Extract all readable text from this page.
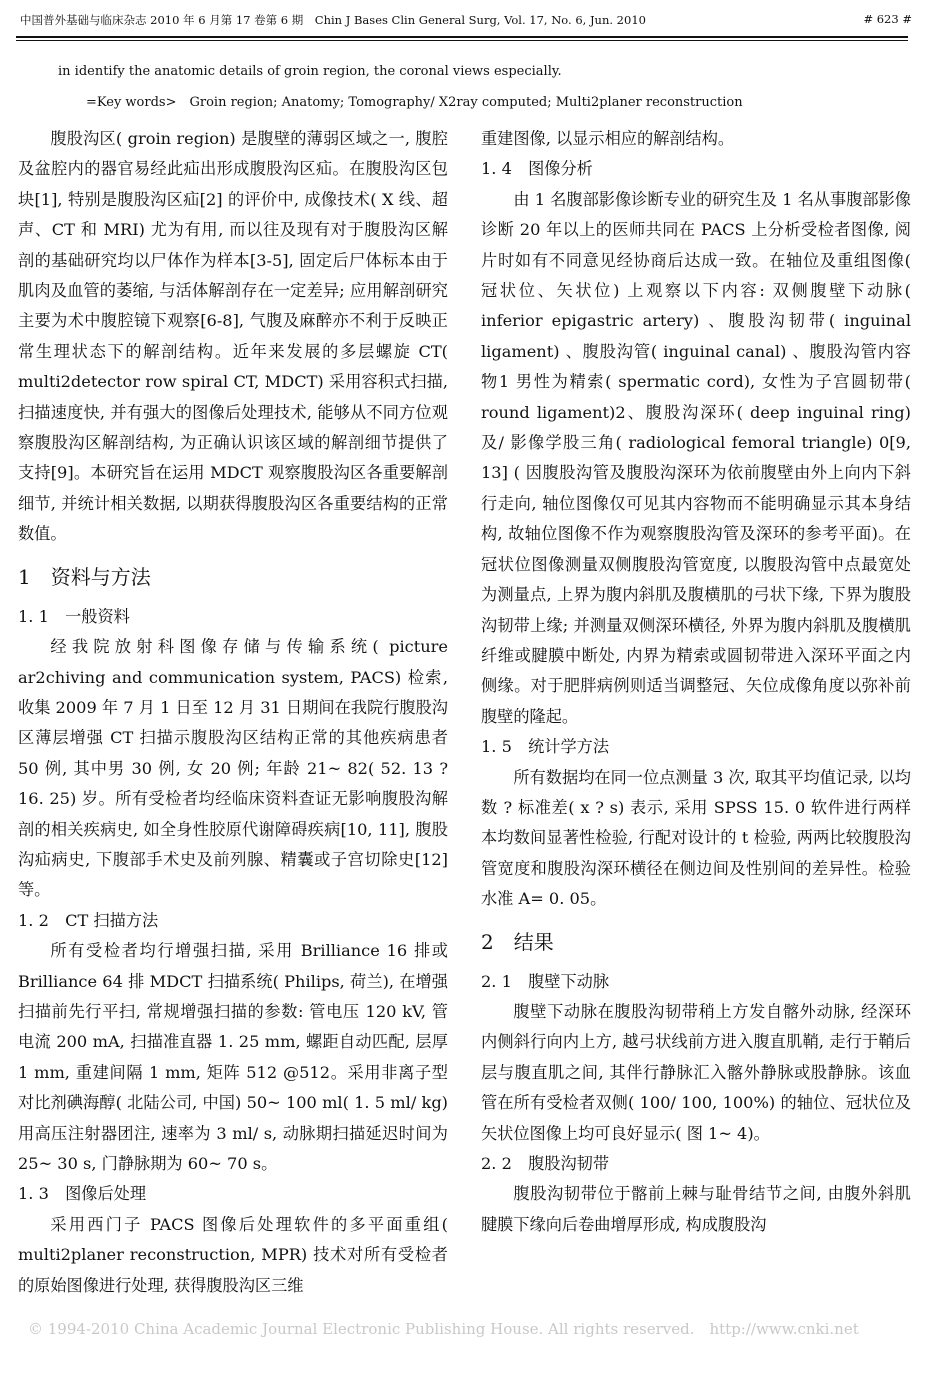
中国普外基础与临床杂志 2010 年 6 月第 17 卷第 6 期　Chin J Bases Clin General Surg, Vol. 17, No. 6, Jun. 2010	# 623 #
in identify the anatomic details of groin region, the coronal views especially.
=Key words>　Groin region; Anatomy; Tomography/ X2ray computed; Multi2planer reconstruction

腹股沟区( groin region) 是腹壁的薄弱区域之一, 腹腔及盆腔内的器官易经此疝出形成腹股沟区疝。在腹股沟区包块[1], 特别是腹股沟区疝[2] 的评价中, 成像技术( X 线、超声、CT 和 MRI) 尤为有用, 而以往及现有对于腹股沟区解剖的基础研究均以尸体作为样本[3-5], 固定后尸体标本由于肌肉及血管的萎缩, 与活体解剖存在一定差异; 应用解剖研究主要为术中腹腔镜下观察[6-8], 气腹及麻醉亦不利于反映正常生理状态下的解剖结构。近年来发展的多层螺旋 CT( multi2detector row spiral CT, MDCT) 采用容积式扫描, 扫描速度快, 并有强大的图像后处理技术, 能够从不同方位观察腹股沟区解剖结构, 为正确认识该区域的解剖细节提供了支持[9]。本研究旨在运用 MDCT 观察腹股沟区各重要解剖细节, 并统计相关数据, 以期获得腹股沟区各重要结构的正常数值。

1　资料与方法
1. 1　一般资料

经我院放射科图像存储与传输系统( picture ar2chiving and communication system, PACS) 检索, 收集 2009 年 7 月 1 日至 12 月 31 日期间在我院行腹股沟区薄层增强 CT 扫描示腹股沟区结构正常的其他疾病患者 50 例, 其中男 30 例, 女 20 例; 年龄 21~ 82( 52. 13 ? 16. 25) 岁。所有受检者均经临床资料查证无影响腹股沟解剖的相关疾病史, 如全身性胶原代谢障碍疾病[10, 11], 腹股沟疝病史, 下腹部手术史及前列腺、精囊或子宫切除史[12] 等。

1. 2　CT 扫描方法

所有受检者均行增强扫描, 采用 Brilliance 16 排或 Brilliance 64 排 MDCT 扫描系统( Philips, 荷兰), 在增强扫描前先行平扫, 常规增强扫描的参数: 管电压 120 kV, 管电流 200 mA, 扫描准直器 1. 25 mm, 螺距自动匹配, 层厚 1 mm, 重建间隔 1 mm, 矩阵 512 @512。采用非离子型对比剂碘海醇( 北陆公司, 中国) 50~ 100 ml( 1. 5 ml/ kg) 用高压注射器团注, 速率为 3 ml/ s, 动脉期扫描延迟时间为 25~ 30 s, 门静脉期为 60~ 70 s。

1. 3　图像后处理

采用西门子 PACS 图像后处理软件的多平面重组( multi2planer reconstruction, MPR) 技术对所有受检者的原始图像进行处理, 获得腹股沟区三维

重建图像, 以显示相应的解剖结构。

1. 4　图像分析

由 1 名腹部影像诊断专业的研究生及 1 名从事腹部影像诊断 20 年以上的医师共同在 PACS 上分析受检者图像, 阅片时如有不同意见经协商后达成一致。在轴位及重组图像( 冠状位、矢状位) 上观察以下内容: 双侧腹壁下动脉( inferior epigastric artery) 、腹股沟韧带( inguinal ligament) 、腹股沟管( inguinal canal) 、腹股沟管内容物1 男性为精索( spermatic cord), 女性为子宫圆韧带( round ligament)2、腹股沟深环( deep inguinal ring) 及/ 影像学股三角( radiological femoral triangle) 0[9, 13] ( 因腹股沟管及腹股沟深环为依前腹壁由外上向内下斜行走向, 轴位图像仅可见其内容物而不能明确显示其本身结构, 故轴位图像不作为观察腹股沟管及深环的参考平面)。在冠状位图像测量双侧腹股沟管宽度, 以腹股沟管中点最宽处为测量点, 上界为腹内斜肌及腹横肌的弓状下缘, 下界为腹股沟韧带上缘; 并测量双侧深环横径, 外界为腹内斜肌及腹横肌纤维或腱膜中断处, 内界为精索或圆韧带进入深环平面之内侧缘。对于肥胖病例则适当调整冠、矢位成像角度以弥补前腹壁的隆起。

1. 5　统计学方法

所有数据均在同一位点测量 3 次, 取其平均值记录, 以均数 ? 标准差( x ? s) 表示, 采用 SPSS 15. 0 软件进行两样本均数间显著性检验, 行配对设计的 t 检验, 两两比较腹股沟管宽度和腹股沟深环横径在侧边间及性别间的差异性。检验水准 A= 0. 05。

2　结果
2. 1　腹壁下动脉

腹壁下动脉在腹股沟韧带稍上方发自髂外动脉, 经深环内侧斜行向内上方, 越弓状线前方进入腹直肌鞘, 走行于鞘后层与腹直肌之间, 其伴行静脉汇入髂外静脉或股静脉。该血管在所有受检者双侧( 100/ 100, 100%) 的轴位、冠状位及矢状位图像上均可良好显示( 图 1~ 4)。

2. 2　腹股沟韧带

腹股沟韧带位于髂前上棘与耻骨结节之间, 由腹外斜肌腱膜下缘向后卷曲增厚形成, 构成腹股沟

© 1994-2010 China Academic Journal Electronic Publishing House. All rights reserved.　http://www.cnki.net
